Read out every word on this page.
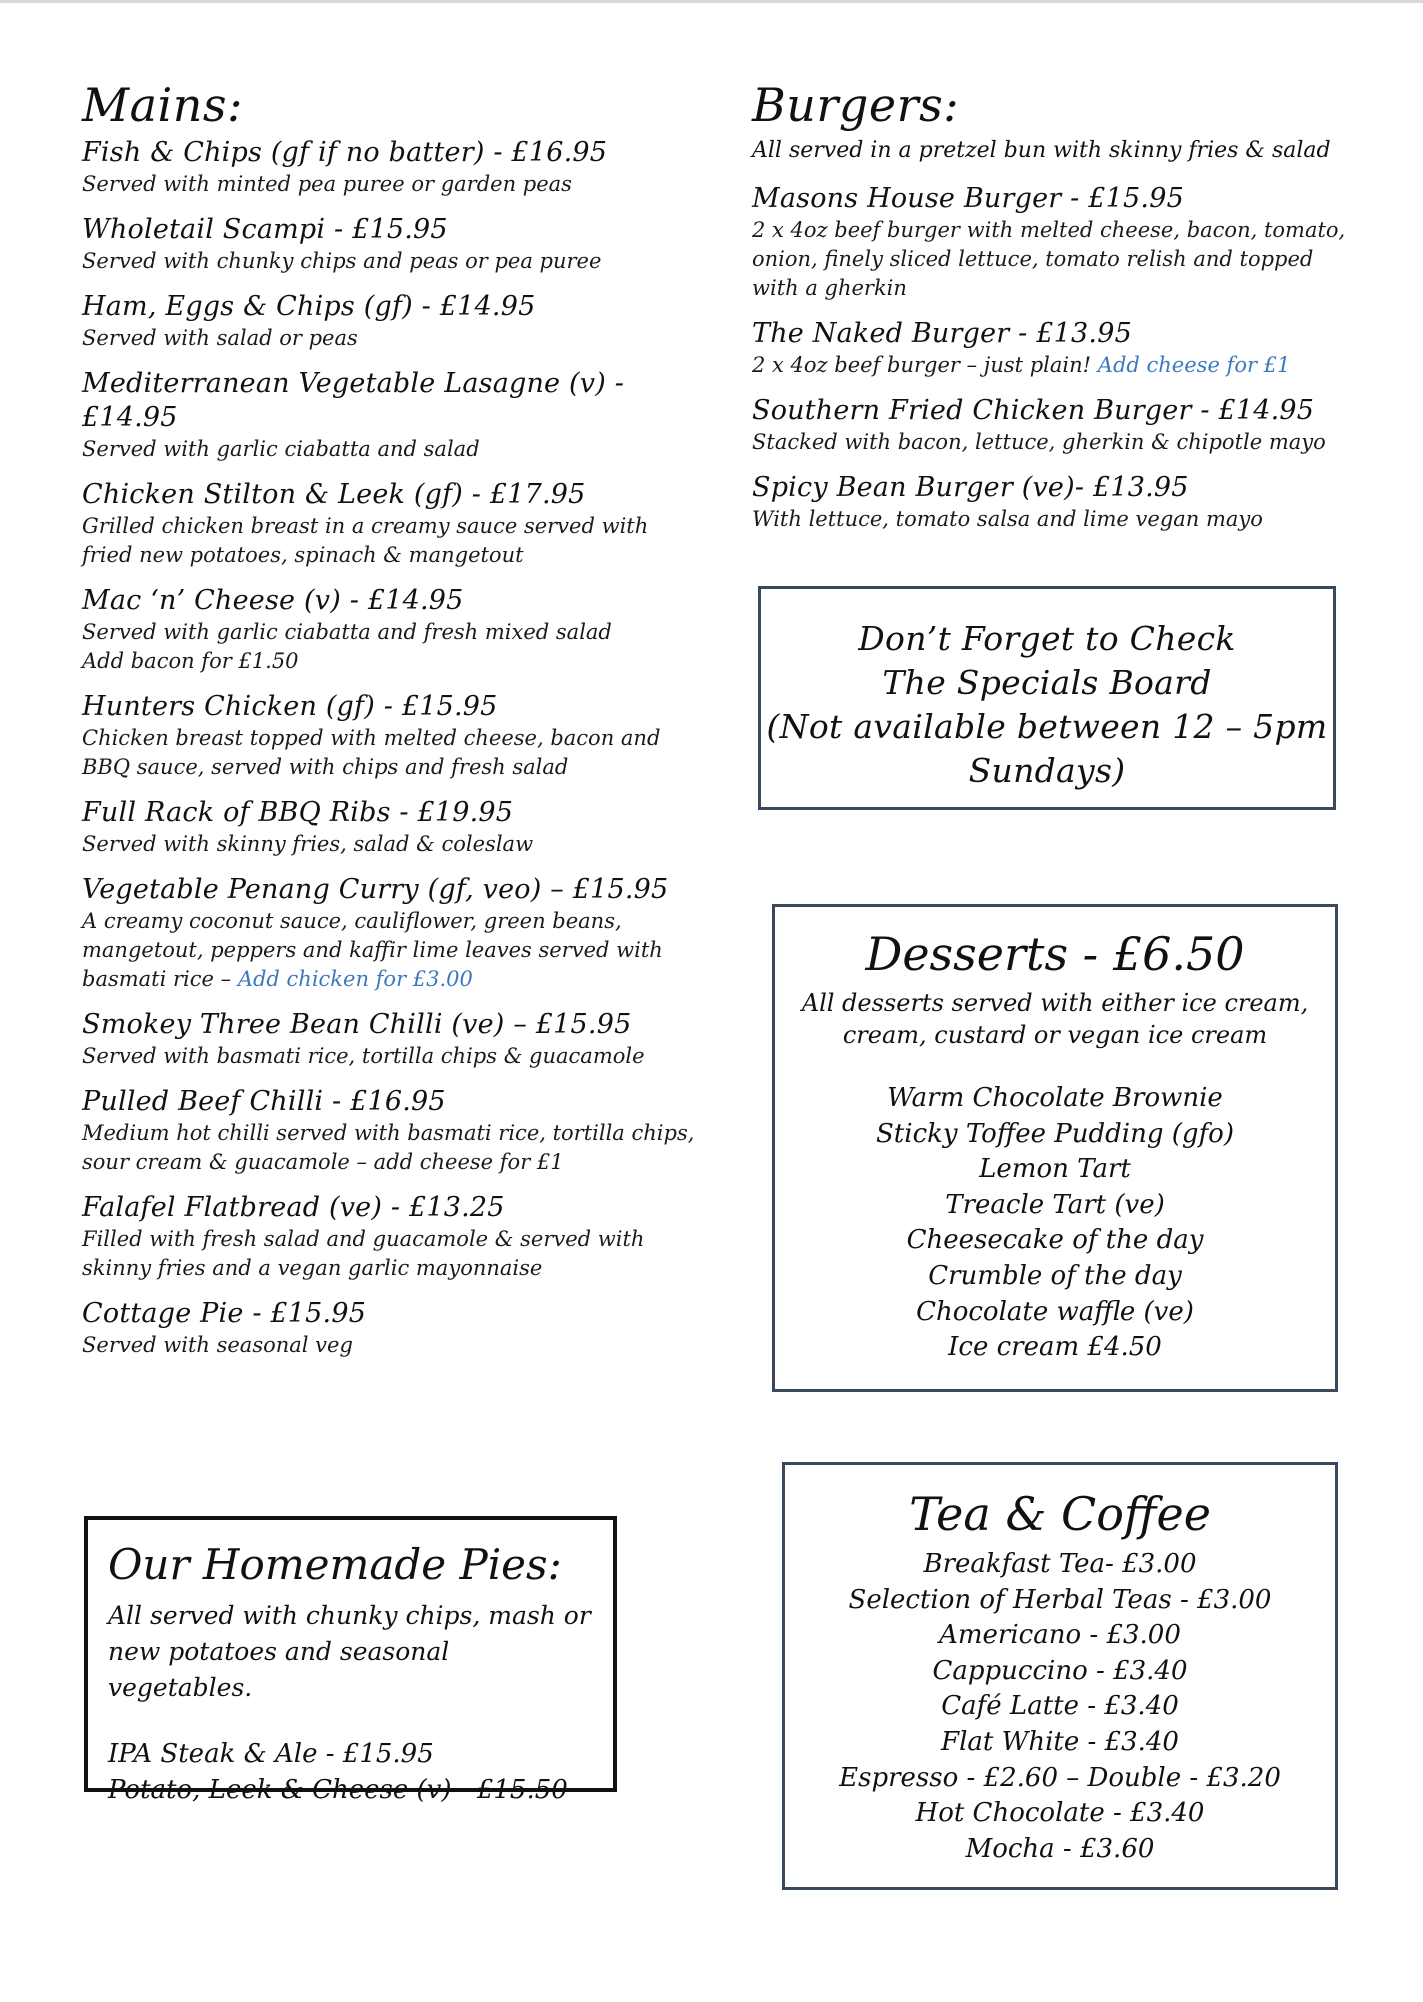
Mains:
Fish & Chips (gf if no batter) - £16.95
Served with minted pea puree or garden peas
Wholetail Scampi - £15.95
Served with chunky chips and peas or pea puree
Ham, Eggs & Chips (gf) - £14.95
Served with salad or peas
Mediterranean Vegetable Lasagne (v) - £14.95
Served with garlic ciabatta and salad
Chicken Stilton & Leek (gf) - £17.95
Grilled chicken breast in a creamy sauce served with fried new potatoes, spinach & mangetout
Mac ‘n’ Cheese (v) - £14.95
Served with garlic ciabatta and fresh mixed salad
Add bacon for £1.50
Hunters Chicken (gf) - £15.95
Chicken breast topped with melted cheese, bacon and BBQ sauce, served with chips and fresh salad
Full Rack of BBQ Ribs - £19.95
Served with skinny fries, salad & coleslaw
Vegetable Penang Curry (gf, veo) – £15.95
A creamy coconut sauce, cauliflower, green beans, mangetout, peppers and kaffir lime leaves served with basmati rice – Add chicken for £3.00
Smokey Three Bean Chilli (ve) – £15.95
Served with basmati rice, tortilla chips & guacamole
Pulled Beef Chilli - £16.95
Medium hot chilli served with basmati rice, tortilla chips, sour cream & guacamole – add cheese for £1
Falafel Flatbread (ve) - £13.25
Filled with fresh salad and guacamole & served with skinny fries and a vegan garlic mayonnaise
Cottage Pie - £15.95
Served with seasonal veg
Burgers:
All served in a pretzel bun with skinny fries & salad
Masons House Burger - £15.95
2 x 4oz beef burger with melted cheese, bacon, tomato, onion, finely sliced lettuce, tomato relish and topped with a gherkin
The Naked Burger - £13.95
2 x 4oz beef burger – just plain! Add cheese for £1
Southern Fried Chicken Burger - £14.95
Stacked with bacon, lettuce, gherkin & chipotle mayo
Spicy Bean Burger (ve)- £13.95
With lettuce, tomato salsa and lime vegan mayo
Don’t Forget to Check
The Specials Board
(Not available between 12 – 5pm
Sundays)
Desserts - £6.50
All desserts served with either ice cream,
cream, custard or vegan ice cream
Warm Chocolate Brownie
Sticky Toffee Pudding (gfo)
Lemon Tart
Treacle Tart (ve)
Cheesecake of the day
Crumble of the day
Chocolate waffle (ve)
Ice cream £4.50
Our Homemade Pies:
All served with chunky chips, mash or
new potatoes and seasonal vegetables.
IPA Steak & Ale - £15.95
Potato, Leek & Cheese (v) - £15.50
Tea & Coffee
Breakfast Tea- £3.00
Selection of Herbal Teas - £3.00
Americano - £3.00
Cappuccino - £3.40
Café Latte - £3.40
Flat White - £3.40
Espresso - £2.60 – Double - £3.20
Hot Chocolate - £3.40
Mocha - £3.60
